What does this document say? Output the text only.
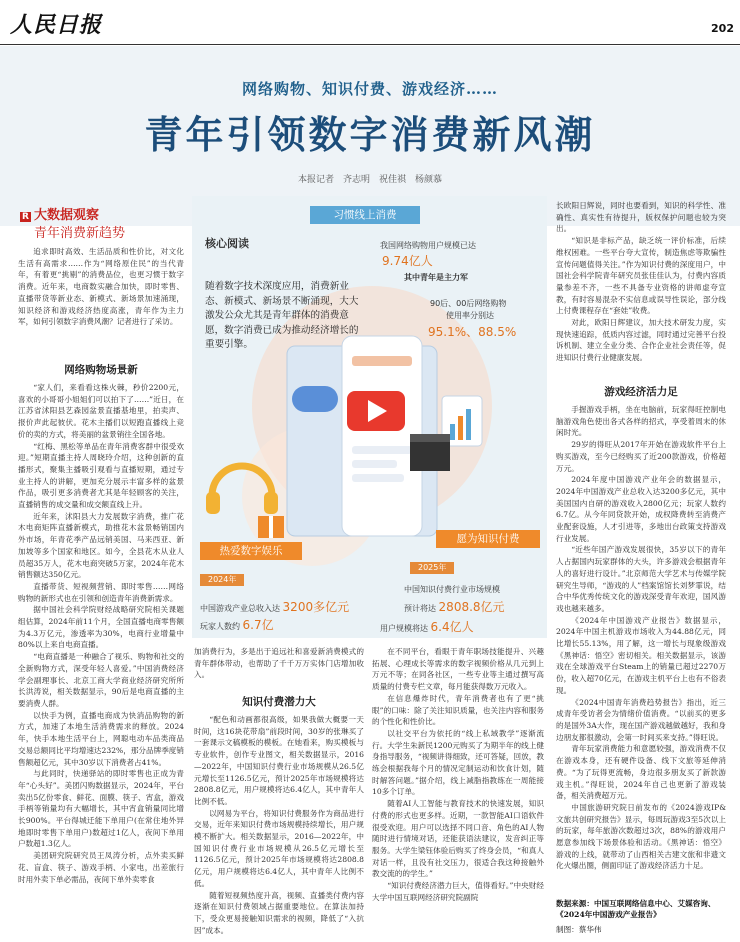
人民日报	202
网络购物、知识付费、游戏经济……
青年引领数字消费新风潮
本报记者　齐志明　祝佳祺　杨颜慕
R 大数据观察
青年消费新趋势

追求即时高效、生活品质和性价比，对文化生活有高需求……作为“网络原住民”的当代青年，有着更“挑剔”的消费品位，也更习惯于数字消费。近年来，电商数实融合加快，即时零售、直播带货等新业态、新模式、新场景加速涌现，知识经济和游戏经济热度高涨，青年作为主力军，如何引领数字消费风潮？记者进行了采访。

网络购物场景新

“家人们，来看看这株火棘，秒价2200元，喜欢的小哥哥小姐姐们可以拍下了……”近日，在江苏省沭阳县艺森园盆景直播基地里，拍卖声、报价声此起彼伏。花木主播们以短跑直播线上竞价的卖的方式，将美丽的盆景销往全国各地。

“红梅、黑松等单品在青年消费客群中很受欢迎。”短期直播主持人周晓玲介绍，这种创新的直播形式，聚集主播吸引观看与直播短期，通过专业主持人的讲解，更加充分展示丰富多样的盆景作品，吸引更多消费者尤其是年轻顾客的关注，直播销售的成交量和成交额直线上升。

近年来，沭阳县大力发展数字消费，推广花木电商矩阵直播新模式，助推花木盆景畅销国内外市场，年青花季产品远销美国、马来西亚、新加坡等多个国家和地区。如今，全县花木从业人员超35万人，花木电商突破5万家，2024年花木销售额达350亿元。

直播带货、短视频营销、即时零售……网络购物的新形式也在引领和创造青年消费新需求。

据中国社会科学院财经战略研究院相关课题组估算，2024年前11个月，全国直播电商零售额为4.3万亿元，渗透率为30%，电商行业增量中80%以上来自电商直播。

“电商直播是一种融合了视乐、购物和社交的全新购物方式，深受年轻人喜爱。”中国消费经济学会副理事长、北京工商大学商业经济研究所所长洪涛说，相关数据显示，90后是电商直播的主要消费人群。

以快手为例，直播电商成为快消品购物的新方式，加速了本地生活消费需求的释放。2024年，快手本地生活平台上，网聪电动车品类商品交易总额同比平均增速达232%，那分品牌季度销售额超亿元，其中30岁以下消费者占41%。

与此同时，快递驿站的即时零售也正成为青年“心头好”。美团闪购数据显示，2024年，平台卖出5亿份零食、鲜花、面膜、筷子、宵盒，游戏手柄等销量均有大幅增长，其中宵盒销量同比增长900%。平台得城迁能下单用户(在常住地外异地即时零售下单用户)数超过1亿人，夜间下单用户数超1.3亿人。

美团研究院研究员王凤涛分析，点外卖买鲜花、盲盒、筷子、游戏手柄、小家电，出差旅行时用外卖下单必需品，夜间下单外卖零食

习惯线上消费
核心阅读
随着数字技术深度应用，消费新业态、新模式、新场景不断涌现，大大激发公众尤其是青年群体的消费意愿，数字消费已成为推动经济增长的重要引擎。
我国网络购物用户规模已达
9.74亿人
其中青年是主力军
90后、00后网络购物
使用率分别达
95.1%、88.5%
热爱数字娱乐
2024年
中国游戏产业总收入达 3200多亿元
玩家人数约 6.7亿
愿为知识付费
2025年
中国知识付费行业市场规模
预计将达 2808.8亿元
用户规模将达 6.4亿人

加消费行为，多是出于追远社和喜爱新消费模式的青年群体带动，也帮助了千千万万实体门店增加收入。

知识付费潜力大

“配色和动画都很高级，如果我做大概要一天时间，这16块花带扇”前段时间，30岁的张琳买了一套课示文稿模板的模板。在她看来，购买模板与专业软件，创作专业图文，相关数据显示，2016—2022年，中国知识付费行业市场规模从26.5亿元增长至1126.5亿元，预计2025年市场规模将达2808.8亿元，用户规模将达6.4亿人，其中青年人比例不低。

以网易为平台，将知识付费服务作为商品进行交易，近年来知识付费市场规模持续增长，用户规模不断扩大。相关数据显示，2016—2022年，中国知识付费行业市场规模从26.5亿元增长至1126.5亿元，预计2025年市场规模将达2808.8亿元，用户规模将达6.4亿人，其中青年人比例不低。

随着短视频热度升高，视频、直播类付费内容逐渐在知识付费领域占据重要地位。在算法加持下，受众更易接触知识需求的视频，降低了“入抗因”成本。

在不同平台，看眼于青年职场技能提升、兴趣拓展、心理成长等需求的数字视频价格从几元到上万元不等；在同各社区，一些专业等主通过撰写高质量的付费专栏文章，每月能获得数万元收入。

在信息爆炸时代，青年消费者也有了更“挑眼”的口味：除了关注知识质量，也关注内容和服务的个性化和性价比。

以社交平台为依托的“线上私域教学”逐渐流行。大学生朱新民1200元购买了为期半年的线上健身指导服务，“视频讲得细致，还可答疑，回放，教练会根据我每个月的情况定制运动和饮食计划，随时解答问题。”据介绍，线上减脂指教练在一周能接10多个订单。

随着AI人工智能与教育技术的快速发展，知识付费的形式也更多样。近期，一款智能AI口语软件很受欢迎。用户可以选择不同口音、角色的AI人物随时进行情境对话，还能获语法建议，发音纠正等服务。大学生梁钰体验后购买了终身会员，“和真人对话一样，且没有社交压力，很适合我这种接触外教交流的的学生。”

“知识付费经济潜力巨大，值得看好。”中央财经大学中国互联网经济研究院副院

长欧阳日辉说，同时也要看到，知识的科学性、准确性、真实性有待提升，版权保护问题也较为突出。

“知识是非标产品，缺乏统一评价标准，后续维权困难。一些平台夸大宣传，制造焦虑等欺骗性宣传问题值得关注。”作为知识付费的深度用户，中国社会科学院青年研究员张佳佳认为，付费内容质量参差不齐，一些不具备专业资格的讲师虚夸宣教，有时容易混杂不实信息或误导性误论，部分线上付费课程存在“套娃”收费。

对此，欧阳日辉建议，加大技术研发力度，实现快速追踪，低质内容过滤，同时通过完善平台投诉机制、建立全业分类、合作企业社会责任等，促进知识付费行业健康发展。

游戏经济活力足

手握游戏手柄，坐在电脑前，玩家得旺控制电脑游戏角色使出各式各样的招式，享受着周末的休闲时光。

29岁的得旺从2017年开始在游戏软件平台上购买游戏，至今已经购买了近200款游戏，价格超万元。

2024年度中国游戏产业年会的数据显示，2024年中国游戏产业总收入达3200多亿元，其中美国国内自研的游戏收入2800亿元；玩家人数约6.7亿。从今年同贷款开始，成权降费转至消费产业配套设施，人才引进等，多地出台政策支持游戏行业发展。

“近些年国产游戏发展很快，35岁以下的青年人占据国内玩家群体的大头，许多游戏会根据青年人的喜好进行设计。”北京师范大学艺术与传媒学院研究生导师，“游戏的人”档案馆馆长刘梦霏说，结合中华优秀传统文化的游戏深受青年欢迎，国风游戏也越来越多。

《2024年中国游戏产业报告》数据显示，2024年中国主机游戏市场收入为44.88亿元，同比增长55.13%，用了解，这一增长与现象级游戏《黑神话：悟空》密切相关。相关数据显示，该游戏在全球游戏平台Steam上的销量已超过2270万份，收入超70亿元，在游戏主机平台上也有不俗表现。

《2024中国青年消费趋势报告》指出，近三成青年受访者会为情绪价值消费。“以前买的更多的是国外3A大作，现在国产游戏越做越好，我和身边朋友都很激动，会第一时间买来支持。”得旺说。

青年玩家消费能力和意愿较强，游戏消费不仅在游戏本身，还有硬件设备、线下文旅等延伸消费。“为了玩得更流畅，身边很多朋友买了新款游戏主机。”得旺说，2024年自己也更新了游戏装备，相关消费超万元。

中国旅游研究院日前发布的《2024游戏IP&文旅共创研究报告》显示，每周玩游戏3至5次以上的玩家，每年旅游次数超过3次，88%的游戏用户愿意参加线下场景体验和活动。《黑神话：悟空》游戏的上线，就带动了山西相关古建文旅和非遗文化火爆出圈，侧面印证了游戏经济活力十足。

数据来源：中国互联网络信息中心、艾媒咨询、《2024年中国游戏产业报告》
制图：蔡华伟
